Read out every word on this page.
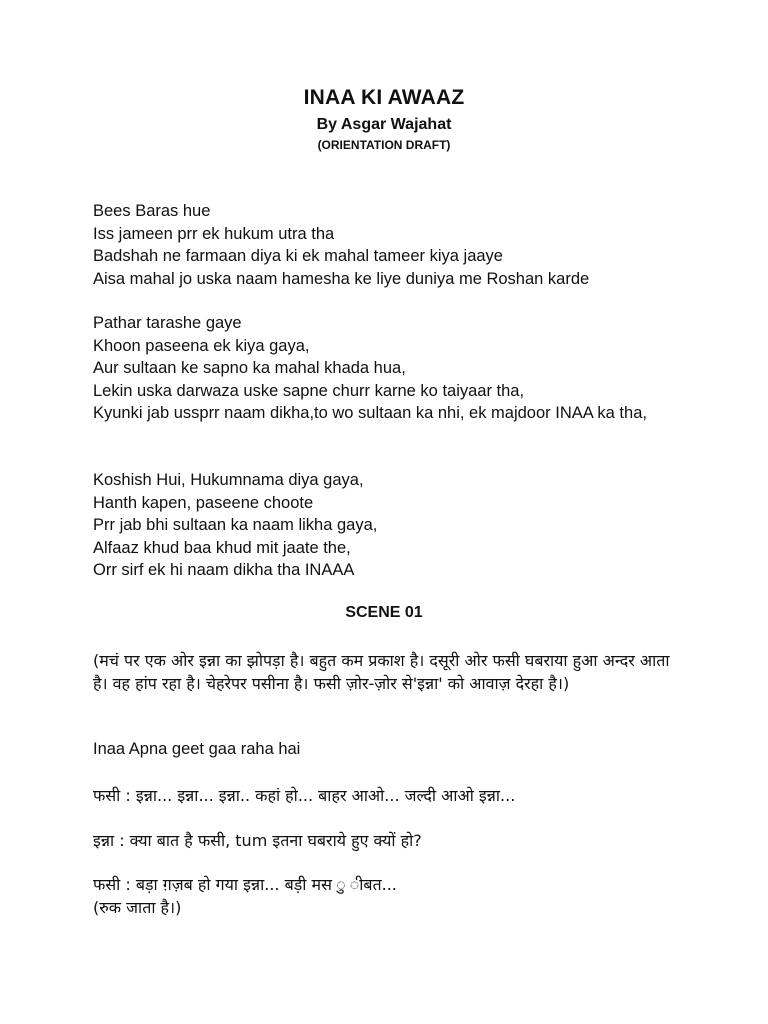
INAA KI AWAAZ
By Asgar Wajahat
(ORIENTATION DRAFT)
Bees Baras hue
Iss jameen prr ek hukum utra tha
Badshah ne farmaan diya ki ek mahal tameer kiya jaaye
Aisa mahal jo uska naam hamesha ke liye duniya me Roshan karde
Pathar tarashe gaye
Khoon paseena ek kiya gaya,
Aur sultaan ke sapno ka mahal khada hua,
Lekin uska darwaza uske sapne churr karne ko taiyaar tha,
Kyunki jab ussprr naam dikha,to wo sultaan ka nhi, ek majdoor INAA ka tha,
Koshish Hui, Hukumnama diya gaya,
Hanth kapen, paseene choote
Prr jab bhi sultaan ka naam likha gaya,
Alfaaz khud baa khud mit jaate the,
Orr sirf ek hi naam dikha tha INAAA
SCENE 01
(मचं पर एक ओर इन्ना का झोपड़ा है। बहुत कम प्रकाश है। दसूरी ओर फसी घबराया हुआ अन्दर आता है। वह हांप रहा है। चेहरेपर पसीना है। फसी ज़ोर-ज़ोर से'इन्ना' को आवाज़ देरहा है।)
Inaa Apna geet gaa raha hai
फसी : इन्ना... इन्ना... इन्ना.. कहां हो... बाहर आओ... जल्दी आओ इन्ना...
इन्ना : क्या बात है फसी, tum इतना घबराये हुए क्यों हो?
फसी : बड़ा ग़ज़ब हो गया इन्ना... बड़ी मस ु ीबत...
(रुक जाता है।)
